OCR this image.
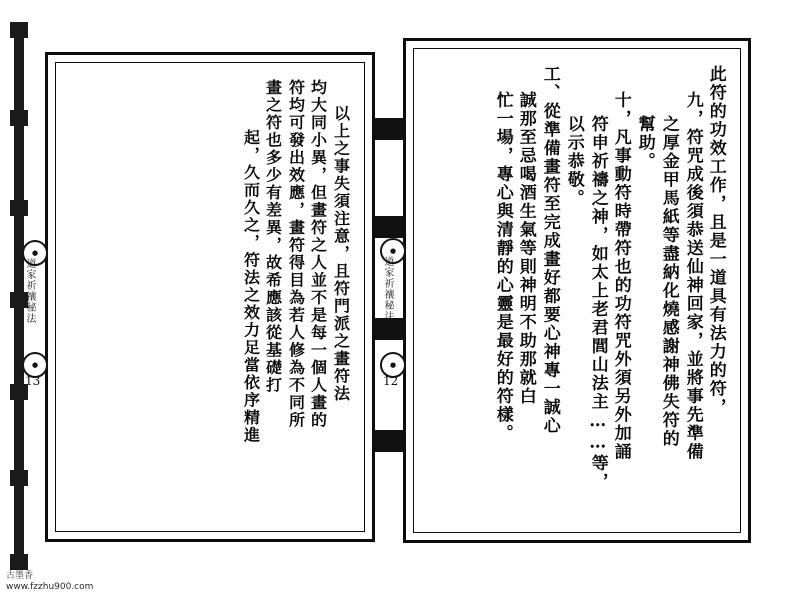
以上之事失須注意，且符門派之畫符法
均大同小異，但畫符之人並不是每一個人畫的
符均可發出效應，畫符得目為若人修為不同所
畫之符也多少有差異，故希應該從基礎打
起，久而久之，符法之效力足當依序精進
●
道家祈禳秘法
●
13	此符的功效工作，且是一道具有法力的符，
九，符咒成後須恭送仙神回家，並將事先準備
之厚金甲馬紙等盡納化燒感謝神佛失符的
幫助。
十，凡事動符時帶符也的功符咒外須另外加誦
符申祈禱之神，如太上老君閭山法主……等，
以示恭敬。
工、從準備畫符至完成畫好都要心神專一誠心
誠那至忌喝酒生氣等則神明不助那就白
忙一場，專心與清靜的心靈是最好的符樣。
●
道家祈禳秘法
●
12
古墨香
www.fzzhu900.com
